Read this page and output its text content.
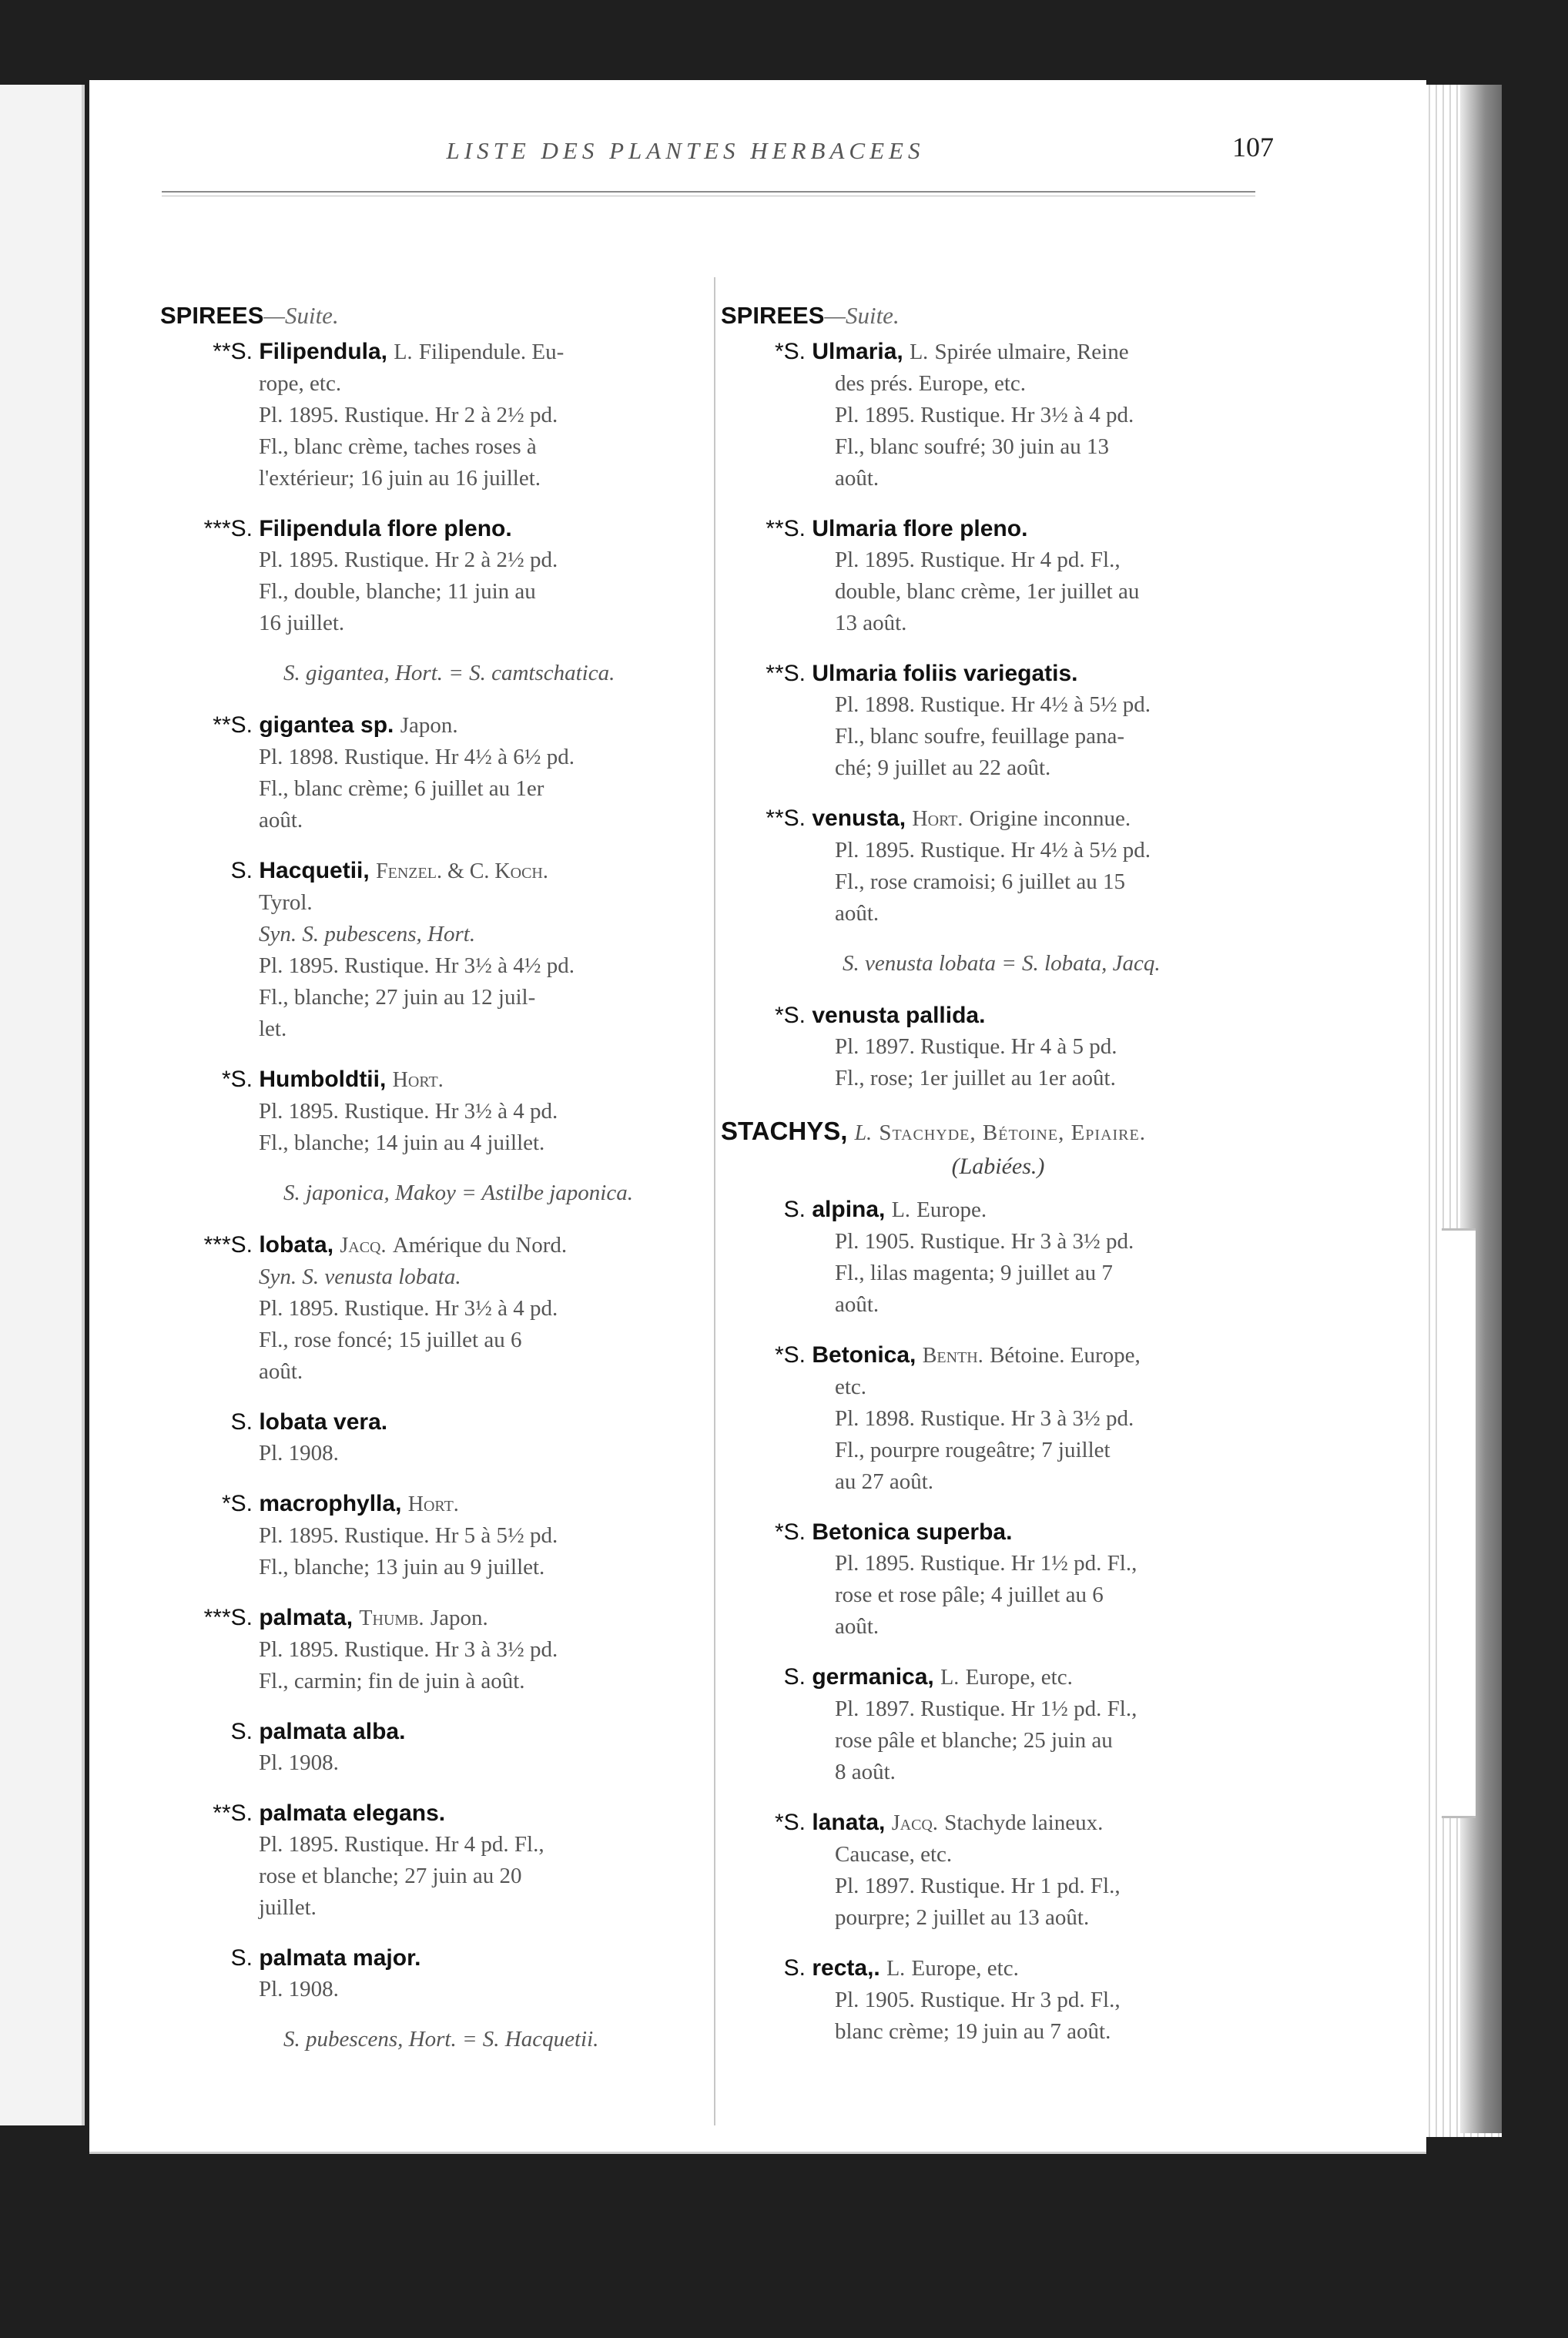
LISTE DES PLANTES HERBACEES	107
SPIREES—Suite.
**S. Filipendula, L. Filipendule. Eu-
rope, etc.
Pl. 1895. Rustique. Hr 2 à 2½ pd.
Fl., blanc crème, taches roses à
l'extérieur; 16 juin au 16 juillet.
***S. Filipendula flore pleno.
Pl. 1895. Rustique. Hr 2 à 2½ pd.
Fl., double, blanche; 11 juin au
16 juillet.
S. gigantea, Hort. = S. camtschatica.
**S. gigantea sp. Japon.
Pl. 1898. Rustique. Hr 4½ à 6½ pd.
Fl., blanc crème; 6 juillet au 1er
août.
S. Hacquetii, Fenzel. & C. Koch.
Tyrol.
Syn. S. pubescens, Hort.
Pl. 1895. Rustique. Hr 3½ à 4½ pd.
Fl., blanche; 27 juin au 12 juil-
let.
*S. Humboldtii, Hort.
Pl. 1895. Rustique. Hr 3½ à 4 pd.
Fl., blanche; 14 juin au 4 juillet.
S. japonica, Makoy = Astilbe japonica.
***S. lobata, Jacq. Amérique du Nord.
Syn. S. venusta lobata.
Pl. 1895. Rustique. Hr 3½ à 4 pd.
Fl., rose foncé; 15 juillet au 6
août.
S. lobata vera.
Pl. 1908.
*S. macrophylla, Hort.
Pl. 1895. Rustique. Hr 5 à 5½ pd.
Fl., blanche; 13 juin au 9 juillet.
***S. palmata, Thumb. Japon.
Pl. 1895. Rustique. Hr 3 à 3½ pd.
Fl., carmin; fin de juin à août.
S. palmata alba.
Pl. 1908.
**S. palmata elegans.
Pl. 1895. Rustique. Hr 4 pd. Fl.,
rose et blanche; 27 juin au 20
juillet.
S. palmata major.
Pl. 1908.
S. pubescens, Hort. = S. Hacquetii.
SPIREES—Suite.
*S. Ulmaria, L. Spirée ulmaire, Reine
des prés. Europe, etc.
Pl. 1895. Rustique. Hr 3½ à 4 pd.
Fl., blanc soufré; 30 juin au 13
août.
**S. Ulmaria flore pleno.
Pl. 1895. Rustique. Hr 4 pd. Fl.,
double, blanc crème, 1er juillet au
13 août.
**S. Ulmaria foliis variegatis.
Pl. 1898. Rustique. Hr 4½ à 5½ pd.
Fl., blanc soufre, feuillage pana-
ché; 9 juillet au 22 août.
**S. venusta, Hort. Origine inconnue.
Pl. 1895. Rustique. Hr 4½ à 5½ pd.
Fl., rose cramoisi; 6 juillet au 15
août.
S. venusta lobata = S. lobata, Jacq.
*S. venusta pallida.
Pl. 1897. Rustique. Hr 4 à 5 pd.
Fl., rose; 1er juillet au 1er août.
STACHYS, L. Stachyde, Bétoine, Epiaire.
(Labiées.)
S. alpina, L. Europe.
Pl. 1905. Rustique. Hr 3 à 3½ pd.
Fl., lilas magenta; 9 juillet au 7
août.
*S. Betonica, Benth. Bétoine. Europe,
etc.
Pl. 1898. Rustique. Hr 3 à 3½ pd.
Fl., pourpre rougeâtre; 7 juillet
au 27 août.
*S. Betonica superba.
Pl. 1895. Rustique. Hr 1½ pd. Fl.,
rose et rose pâle; 4 juillet au 6
août.
S. germanica, L. Europe, etc.
Pl. 1897. Rustique. Hr 1½ pd. Fl.,
rose pâle et blanche; 25 juin au
8 août.
*S. lanata, Jacq. Stachyde laineux.
Caucase, etc.
Pl. 1897. Rustique. Hr 1 pd. Fl.,
pourpre; 2 juillet au 13 août.
S. recta,. L. Europe, etc.
Pl. 1905. Rustique. Hr 3 pd. Fl.,
blanc crème; 19 juin au 7 août.
